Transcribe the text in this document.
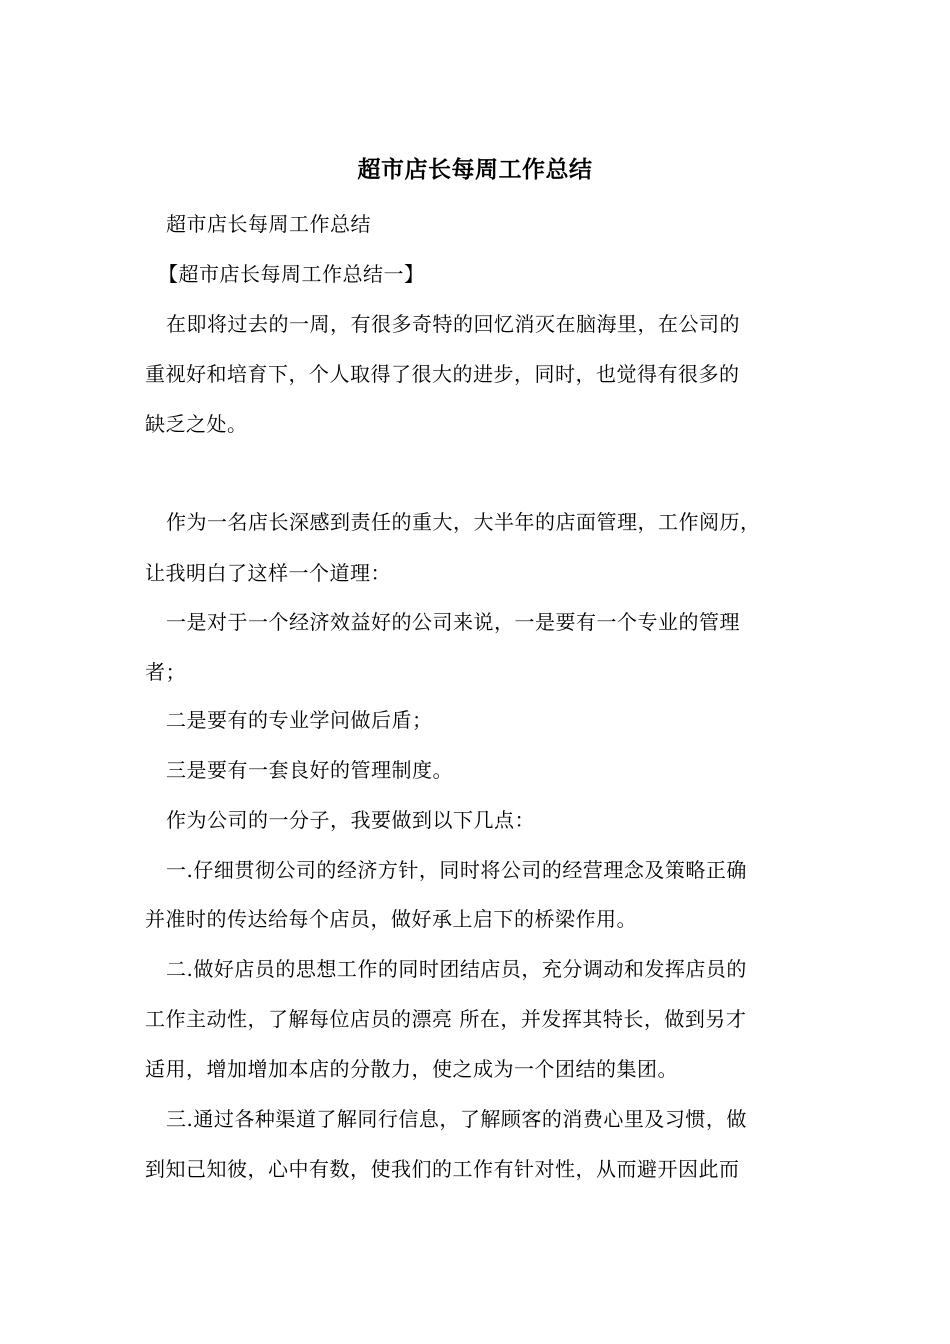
超市店长每周工作总结
超市店长每周工作总结
【超市店长每周工作总结一】
在即将过去的一周，有很多奇特的回忆消灭在脑海里，在公司的
重视好和培育下，个人取得了很大的进步，同时，也觉得有很多的
缺乏之处。
作为一名店长深感到责任的重大，大半年的店面管理，工作阅历，
让我明白了这样一个道理：
一是对于一个经济效益好的公司来说，一是要有一个专业的管理
者；
二是要有的专业学问做后盾；
三是要有一套良好的管理制度。
作为公司的一分子，我要做到以下几点：
一.仔细贯彻公司的经济方针，同时将公司的经营理念及策略正确
并准时的传达给每个店员，做好承上启下的桥梁作用。
二.做好店员的思想工作的同时团结店员，充分调动和发挥店员的
工作主动性，了解每位店员的漂亮 所在，并发挥其特长，做到另才
适用，增加增加本店的分散力，使之成为一个团结的集团。
三.通过各种渠道了解同行信息，了解顾客的消费心里及习惯，做
到知己知彼，心中有数，使我们的工作有针对性，从而避开因此而
